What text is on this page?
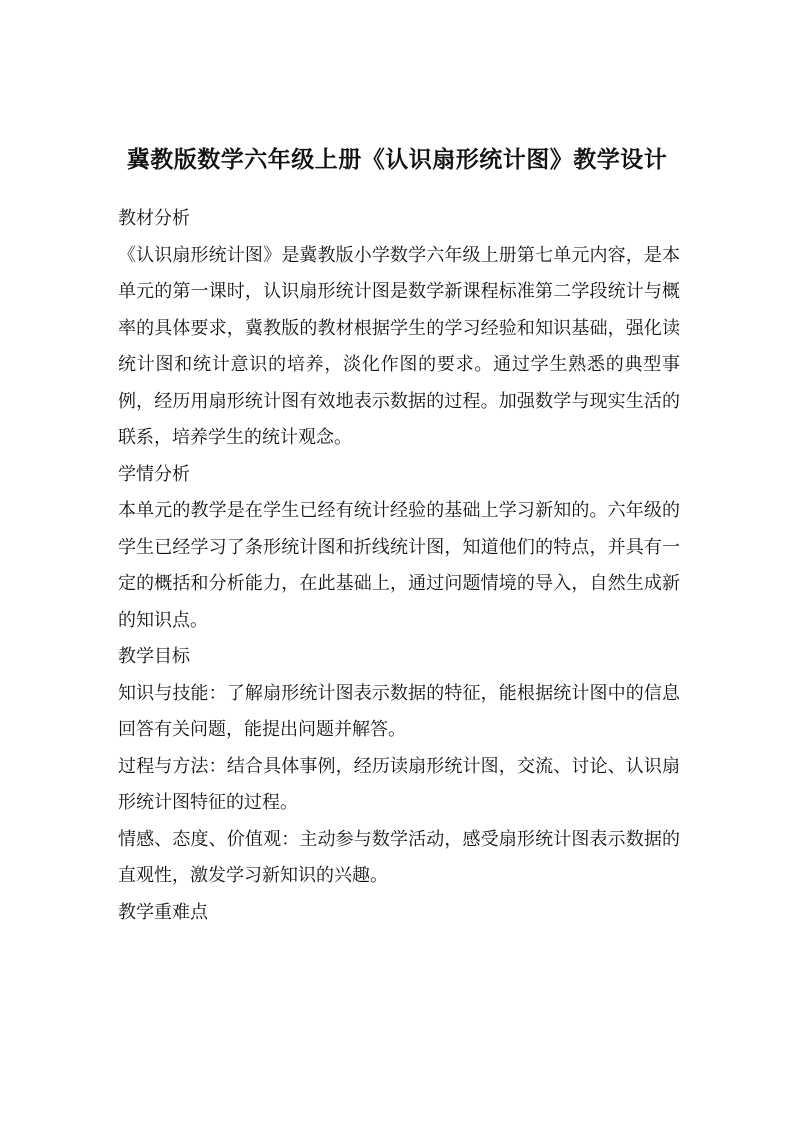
冀教版数学六年级上册《认识扇形统计图》教学设计

教材分析

《认识扇形统计图》是冀教版小学数学六年级上册第七单元内容，是本单元的第一课时，认识扇形统计图是数学新课程标准第二学段统计与概率的具体要求，冀教版的教材根据学生的学习经验和知识基础，强化读统计图和统计意识的培养，淡化作图的要求。通过学生熟悉的典型事例，经历用扇形统计图有效地表示数据的过程。加强数学与现实生活的联系，培养学生的统计观念。

学情分析

本单元的教学是在学生已经有统计经验的基础上学习新知的。六年级的学生已经学习了条形统计图和折线统计图，知道他们的特点，并具有一定的概括和分析能力，在此基础上，通过问题情境的导入，自然生成新的知识点。

教学目标

知识与技能：了解扇形统计图表示数据的特征，能根据统计图中的信息回答有关问题，能提出问题并解答。

过程与方法：结合具体事例，经历读扇形统计图，交流、讨论、认识扇形统计图特征的过程。

情感、态度、价值观：主动参与数学活动，感受扇形统计图表示数据的直观性，激发学习新知识的兴趣。

教学重难点
